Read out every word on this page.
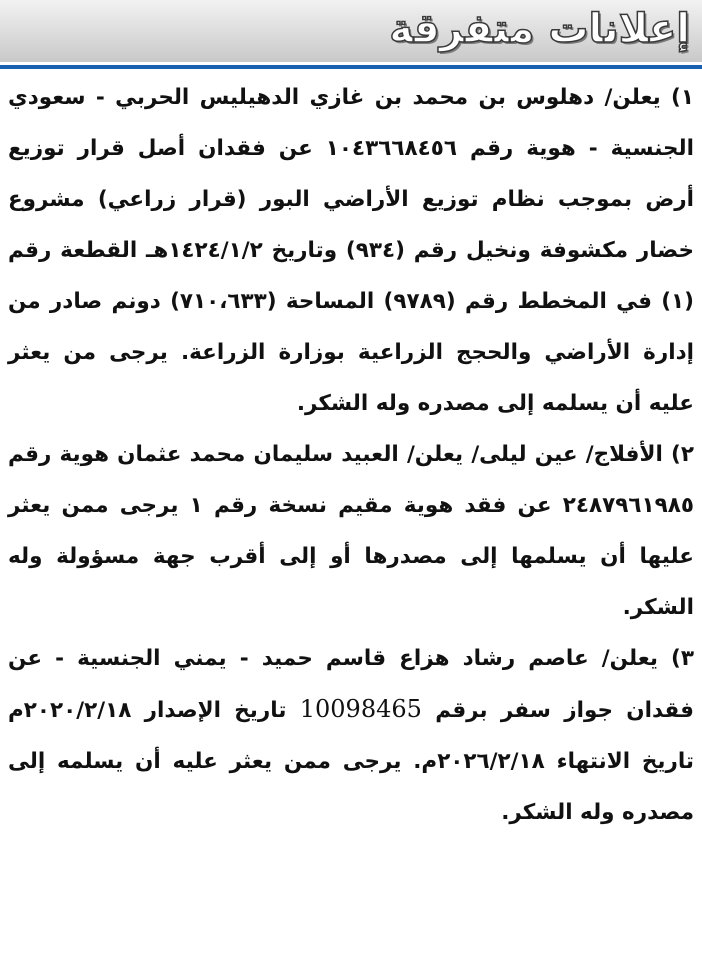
إعلانات متفرقة

١) يعلن/ دهلوس بن محمد بن غازي الدهيليس الحربي - سعودي الجنسية - هوية رقم ١٠٤٣٦٦٨٤٥٦ عن فقدان أصل قرار توزيع أرض بموجب نظام توزيع الأراضي البور (قرار زراعي) مشروع خضار مكشوفة ونخيل رقم (٩٣٤) وتاريخ ١٤٢٤/١/٢هـ القطعة رقم (١) في المخطط رقم (٩٧٨٩) المساحة (٧١٠،٦٣٣) دونم صادر من إدارة الأراضي والحجج الزراعية بوزارة الزراعة. يرجى من يعثر عليه أن يسلمه إلى مصدره وله الشكر.

٢) الأفلاج/ عين ليلى/ يعلن/ العبيد سليمان محمد عثمان هوية رقم ٢٤٨٧٩٦١٩٨٥ عن فقد هوية مقيم نسخة رقم ١ يرجى ممن يعثر عليها أن يسلمها إلى مصدرها أو إلى أقرب جهة مسؤولة وله الشكر.

٣) يعلن/ عاصم رشاد هزاع قاسم حميد - يمني الجنسية - عن فقدان جواز سفر برقم 10098465 تاريخ الإصدار ٢٠٢٠/٢/١٨م تاريخ الانتهاء ٢٠٢٦/٢/١٨م. يرجى ممن يعثر عليه أن يسلمه إلى مصدره وله الشكر.
